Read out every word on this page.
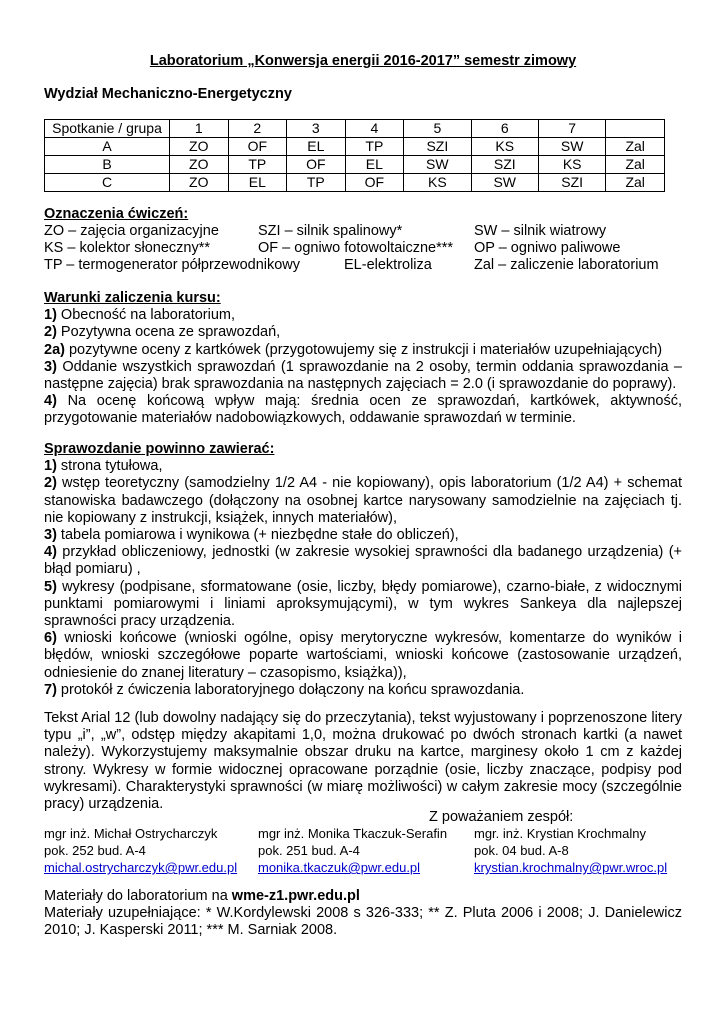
Laboratorium „Konwersja energii 2016-2017” semestr zimowy
Wydział Mechaniczno-Energetyczny
Spotkanie / grupa	1	2	3	4	5	6	7	
A	ZO	OF	EL	TP	SZI	KS	SW	Zal
B	ZO	TP	OF	EL	SW	SZI	KS	Zal
C	ZO	EL	TP	OF	KS	SW	SZI	Zal
Oznaczenia ćwiczeń:
ZO – zajęcia organizacyjne	SZI – silnik spalinowy*	SW – silnik wiatrowy
KS – kolektor słoneczny**	OF – ogniwo fotowoltaiczne*** OP – ogniwo paliwowe
TP – termogenerator półprzewodnikowy	EL-elektroliza	Zal – zaliczenie laboratorium

Warunki zaliczenia kursu:

1) Obecność na laboratorium,

2) Pozytywna ocena ze sprawozdań,

2a) pozytywne oceny z kartkówek (przygotowujemy się z instrukcji i materiałów uzupełniających)

3) Oddanie wszystkich sprawozdań (1 sprawozdanie na 2 osoby, termin oddania sprawozdania – następne zajęcia) brak sprawozdania na następnych zajęciach = 2.0 (i sprawozdanie do poprawy).

4) Na ocenę końcową wpływ mają: średnia ocen ze sprawozdań, kartkówek, aktywność, przygotowanie materiałów nadobowiązkowych, oddawanie sprawozdań w terminie.

Sprawozdanie powinno zawierać:

1) strona tytułowa,

2) wstęp teoretyczny (samodzielny 1/2 A4 - nie kopiowany), opis laboratorium (1/2 A4) + schemat stanowiska badawczego (dołączony na osobnej kartce narysowany samodzielnie na zajęciach tj. nie kopiowany z instrukcji, książek, innych materiałów),

3) tabela pomiarowa i wynikowa (+ niezbędne stałe do obliczeń),

4) przykład obliczeniowy, jednostki (w zakresie wysokiej sprawności dla badanego urządzenia) (+ błąd pomiaru) ,

5) wykresy (podpisane, sformatowane (osie, liczby, błędy pomiarowe), czarno-białe, z widocznymi punktami pomiarowymi i liniami aproksymującymi), w tym wykres Sankeya dla najlepszej sprawności pracy urządzenia.

6) wnioski końcowe (wnioski ogólne, opisy merytoryczne wykresów, komentarze do wyników i błędów, wnioski szczegółowe poparte wartościami, wnioski końcowe (zastosowanie urządzeń, odniesienie do znanej literatury – czasopismo, książka)),

7) protokół z ćwiczenia laboratoryjnego dołączony na końcu sprawozdania.

Tekst Arial 12 (lub dowolny nadający się do przeczytania), tekst wyjustowany i poprzenoszone litery typu „i”, „w”, odstęp między akapitami 1,0, można drukować po dwóch stronach kartki (a nawet należy). Wykorzystujemy maksymalnie obszar druku na kartce, marginesy około 1 cm z każdej strony. Wykresy w formie widocznej opracowane porządnie (osie, liczby znaczące, podpisy pod wykresami). Charakterystyki sprawności (w miarę możliwości) w całym zakresie mocy (szczególnie pracy) urządzenia.
Z poważaniem zespół:
mgr inż. Michał Ostrycharczyk
pok. 252 bud. A-4
michal.ostrycharczyk@pwr.edu.pl
mgr inż. Monika Tkaczuk-Serafin
pok. 251 bud. A-4
monika.tkaczuk@pwr.edu.pl
mgr. inż. Krystian Krochmalny
pok. 04 bud. A-8
krystian.krochmalny@pwr.wroc.pl

Materiały do laboratorium na wme-z1.pwr.edu.pl

Materiały uzupełniające: * W.Kordylewski 2008 s 326-333; ** Z. Pluta 2006 i 2008; J. Danielewicz 2010; J. Kasperski 2011; *** M. Sarniak 2008.
